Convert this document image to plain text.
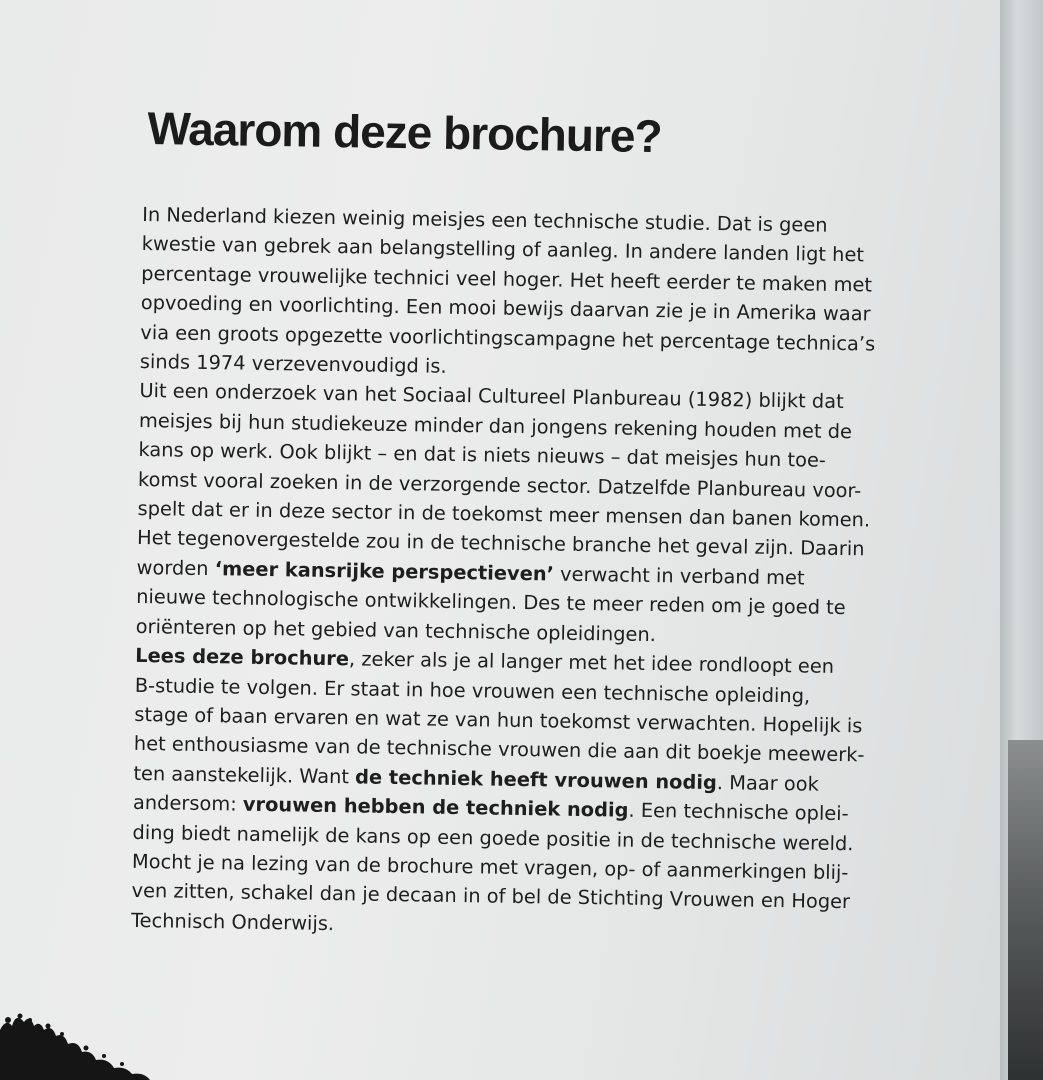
Waarom deze brochure?
In Nederland kiezen weinig meisjes een technische studie. Dat is geen
kwestie van gebrek aan belangstelling of aanleg. In andere landen ligt het
percentage vrouwelijke technici veel hoger. Het heeft eerder te maken met
opvoeding en voorlichting. Een mooi bewijs daarvan zie je in Amerika waar
via een groots opgezette voorlichtingscampagne het percentage technica’s
sinds 1974 verzevenvoudigd is.
Uit een onderzoek van het Sociaal Cultureel Planbureau (1982) blijkt dat
meisjes bij hun studiekeuze minder dan jongens rekening houden met de
kans op werk. Ook blijkt – en dat is niets nieuws – dat meisjes hun toe-
komst vooral zoeken in de verzorgende sector. Datzelfde Planbureau voor-
spelt dat er in deze sector in de toekomst meer mensen dan banen komen.
Het tegenovergestelde zou in de technische branche het geval zijn. Daarin
worden ‘meer kansrijke perspectieven’ verwacht in verband met
nieuwe technologische ontwikkelingen. Des te meer reden om je goed te
oriënteren op het gebied van technische opleidingen.
Lees deze brochure, zeker als je al langer met het idee rondloopt een
B-studie te volgen. Er staat in hoe vrouwen een technische opleiding,
stage of baan ervaren en wat ze van hun toekomst verwachten. Hopelijk is
het enthousiasme van de technische vrouwen die aan dit boekje meewerk-
ten aanstekelijk. Want de techniek heeft vrouwen nodig. Maar ook
andersom: vrouwen hebben de techniek nodig. Een technische oplei-
ding biedt namelijk de kans op een goede positie in de technische wereld.
Mocht je na lezing van de brochure met vragen, op- of aanmerkingen blij-
ven zitten, schakel dan je decaan in of bel de Stichting Vrouwen en Hoger
Technisch Onderwijs.
